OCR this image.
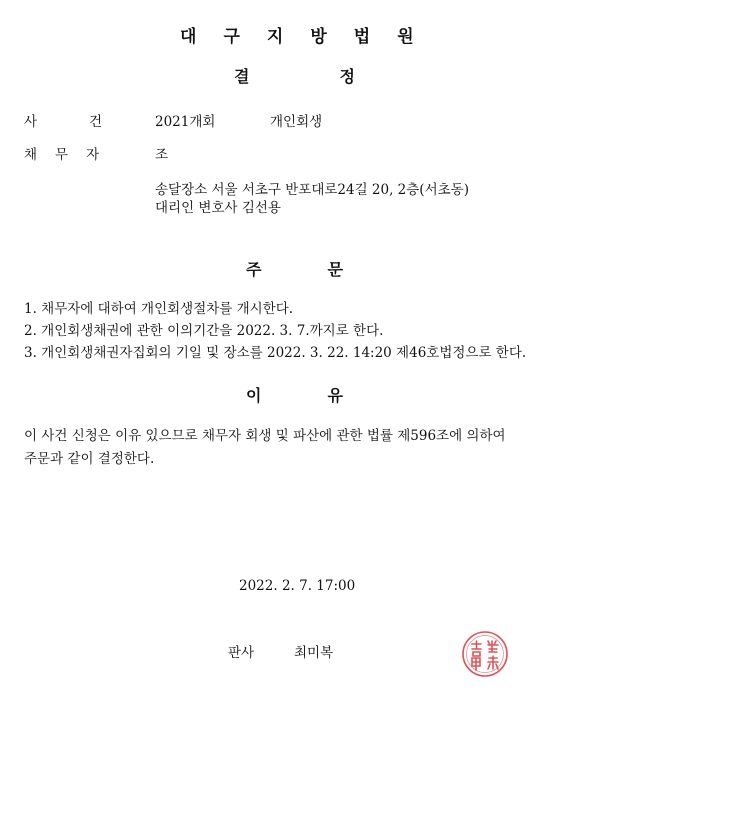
대 구 지 방 법 원
결	정
사	건	2021개회	개인회생
채 무 자	조
송달장소 서울 서초구 반포대로24길 20, 2층(서초동)
대리인 변호사 김선용
주	문
1. 채무자에 대하여 개인회생절차를 개시한다.
2. 개인회생채권에 관한 이의기간을 2022. 3. 7.까지로 한다.
3. 개인회생채권자집회의 기일 및 장소를 2022. 3. 22. 14:20 제46호법정으로 한다.
이	유
이 사건 신청은 이유 있으므로 채무자 회생 및 파산에 관한 법률 제596조에 의하여
주문과 같이 결정한다.
2022. 2. 7. 17:00
판사	최미복
